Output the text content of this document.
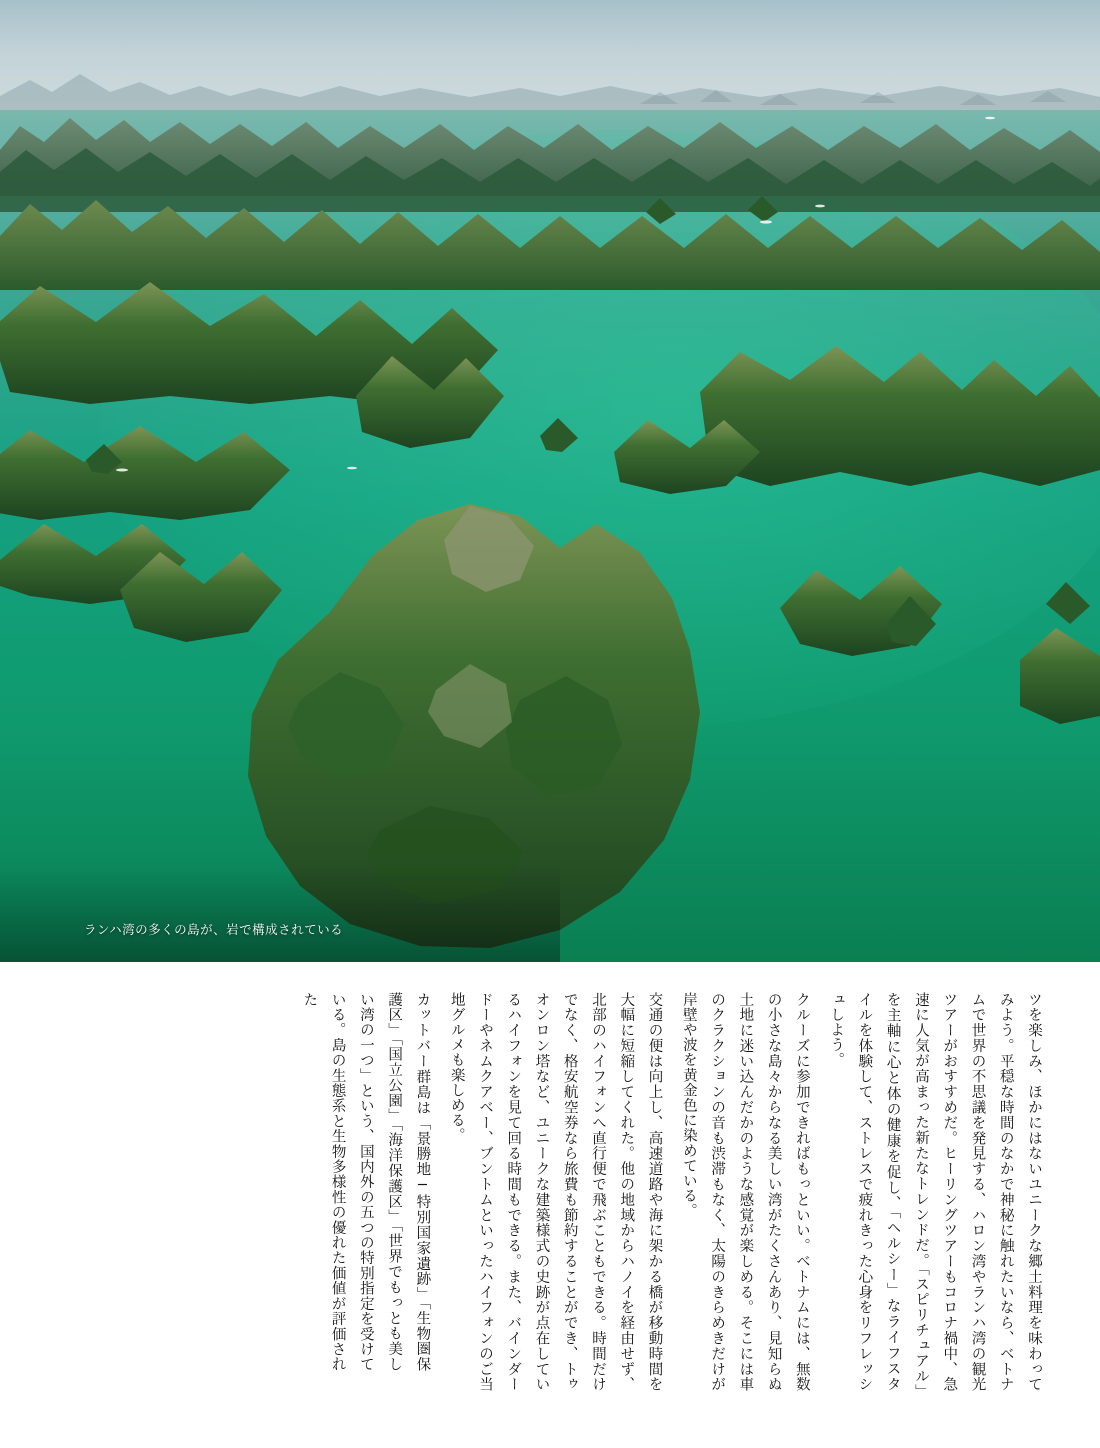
ランハ湾の多くの島が、岩で構成されている
ツを楽しみ、ほかにはないユニークな郷土料理を味わってみよう。平穏な時間のなかで神秘に触れたいなら、ベトナムで世界の不思議を発見する、ハロン湾やランハ湾の観光ツアーがおすすめだ。ヒーリングツアーもコロナ禍中、急速に人気が高まった新たなトレンドだ。「スピリチュアル」を主軸に心と体の健康を促し、「ヘルシー」なライフスタイルを体験して、ストレスで疲れきった心身をリフレッシュしよう。
クルーズに参加できればもっといい。ベトナムには、無数の小さな島々からなる美しい湾がたくさんあり、見知らぬ土地に迷い込んだかのような感覚が楽しめる。そこには車のクラクションの音も渋滞もなく、太陽のきらめきだけが岸壁や波を黄金色に染めている。
交通の便は向上し、高速道路や海に架かる橋が移動時間を大幅に短縮してくれた。他の地域からハノイを経由せず、北部のハイフォンへ直行便で飛ぶこともできる。時間だけでなく、格安航空券なら旅費も節約することができ、トゥオンロン塔など、ユニークな建築様式の史跡が点在しているハイフォンを見て回る時間もできる。また、バインダードーやネムクアベー、ブントムといったハイフォンのご当地グルメも楽しめる。
カットバー群島は「景勝地─特別国家遺跡」「生物圏保護区」「国立公園」「海洋保護区」「世界でもっとも美しい湾の一つ」という、国内外の五つの特別指定を受けている。島の生態系と生物多様性の優れた価値が評価された
